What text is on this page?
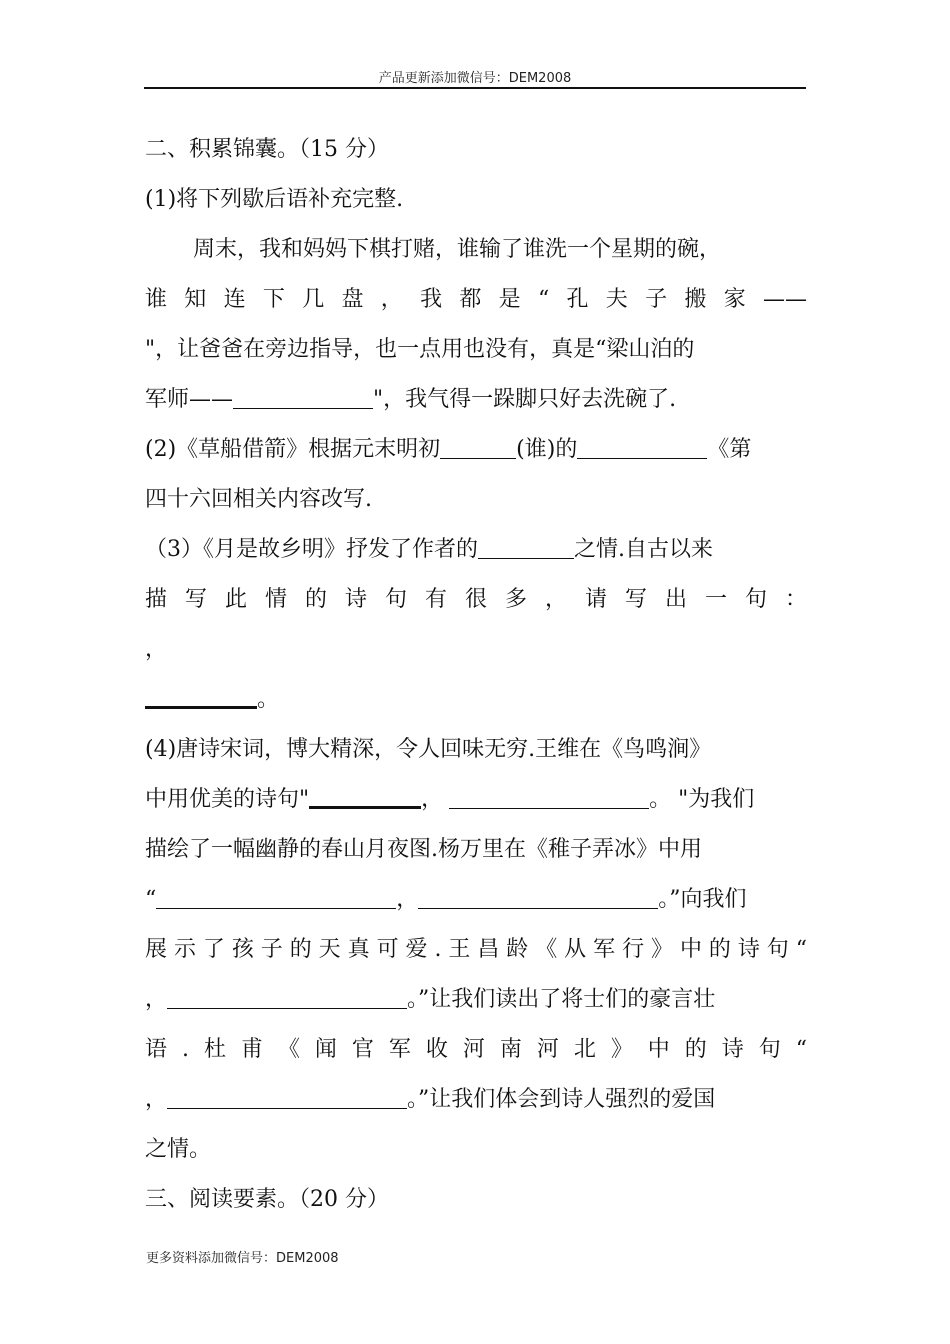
产品更新添加微信号：DEM2008
二、积累锦囊。（15 分）
(1)将下列歇后语补充完整.
周末，我和妈妈下棋打赌，谁输了谁洗一个星期的碗，
谁知连下几盘，我都是“孔夫子搬家——
"，让爸爸在旁边指导，也一点用也没有，真是“梁山泊的
军师——	"，我气得一跺脚只好去洗碗了.
(2)《草船借箭》根据元末明初	(谁)的	《第
四十六回相关内容改写.
（3）《月是故乡明》抒发了作者的	之情.自古以来
描写此情的诗句有很多，请写出一句：
，
。
(4)唐诗宋词，博大精深，令人回味无穷.王维在《鸟鸣涧》
中用优美的诗句"	，	。 "为我们
描绘了一幅幽静的春山月夜图.杨万里在《稚子弄冰》中用
“	，	。”向我们
展示了孩子的天真可爱.王昌龄《从军行》中的诗句“
，	。”让我们读出了将士们的豪言壮
语.杜甫《闻官军收河南河北》中的诗句“
，	。”让我们体会到诗人强烈的爱国
之情。
三、阅读要素。（20 分）
更多资料添加微信号：DEM2008
